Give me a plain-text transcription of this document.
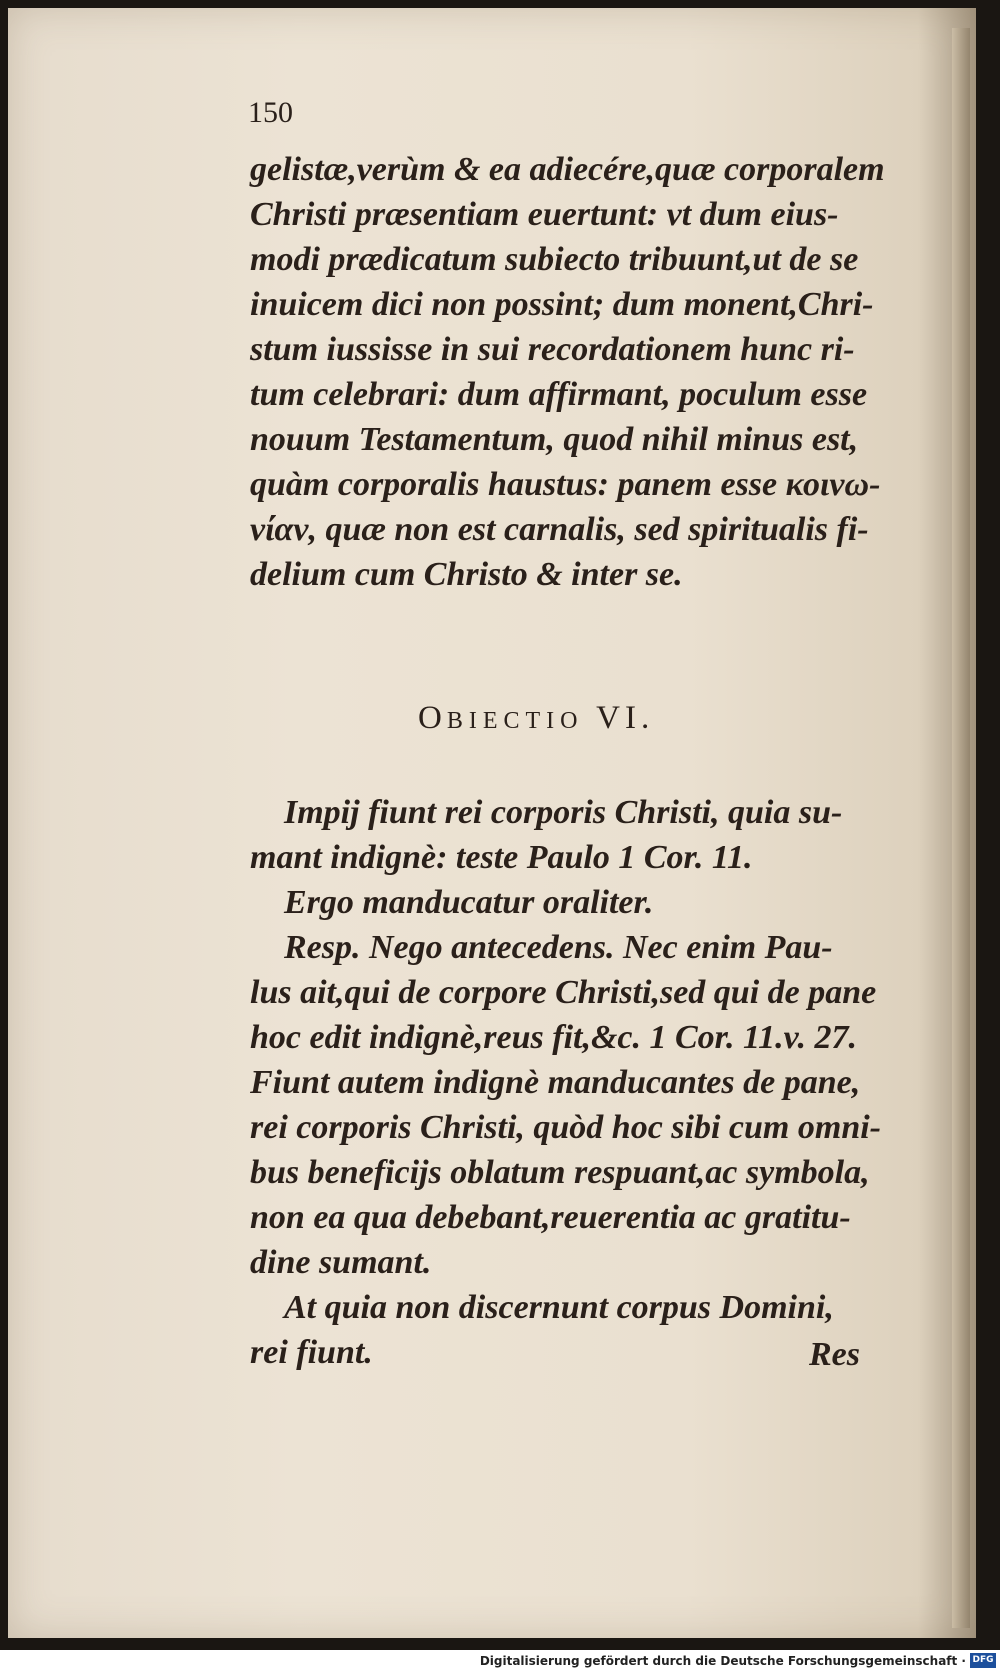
150
gelistæ,verùm & ea adiecére,quæ corporalem
Christi præsentiam euertunt: vt dum eius-
modi prædicatum subiecto tribuunt,ut de se
inuicem dici non possint; dum monent,Chri-
stum iussisse in sui recordationem hunc ri-
tum celebrari: dum affirmant, poculum esse
nouum Testamentum, quod nihil minus est,
quàm corporalis haustus: panem esse κοινω-
νίαν, quæ non est carnalis, sed spiritualis fi-
delium cum Christo & inter se.
Impij fiunt rei corporis Christi, quia su-
mant indignè: teste Paulo 1 Cor. 11.
Ergo manducatur oraliter.
Resp. Nego antecedens. Nec enim Pau-
lus ait,qui de corpore Christi,sed qui de pane
hoc edit indignè,reus fit,&c. 1 Cor. 11.v. 27.
Fiunt autem indignè manducantes de pane,
rei corporis Christi, quòd hoc sibi cum omni-
bus beneficijs oblatum respuant,ac symbola,
non ea qua debebant,reuerentia ac gratitu-
dine sumant.
At quia non discernunt corpus Domini,
rei fiunt.	Res
OBIECTIO VI.
Digitalisierung gefördert durch die Deutsche Forschungsgemeinschaft · DFG
